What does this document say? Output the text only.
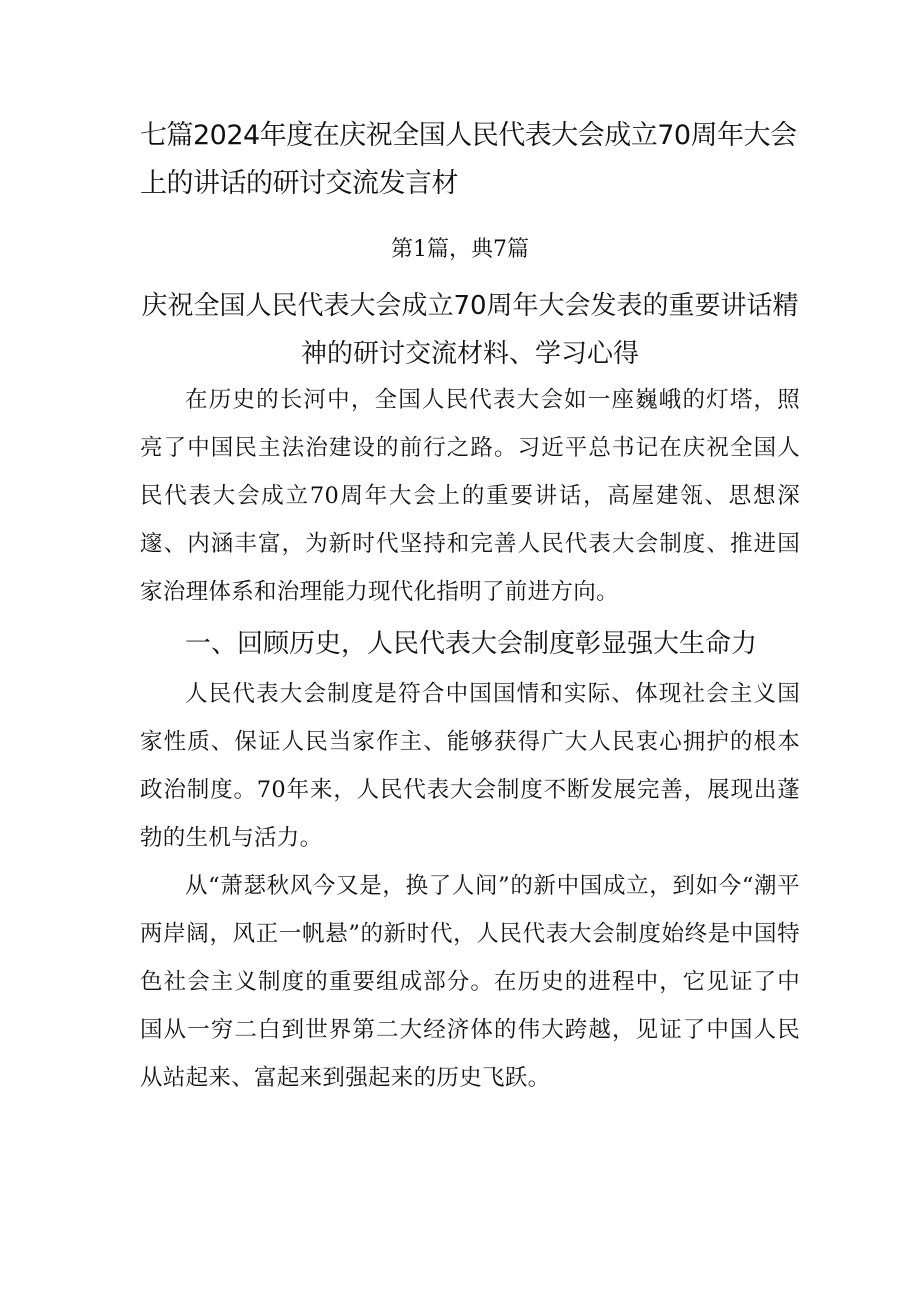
七篇2024年度在庆祝全国人民代表大会成立70周年大会上的讲话的研讨交流发言材

第1篇，典7篇

庆祝全国人民代表大会成立70周年大会发表的重要讲话精神的研讨交流材料、学习心得

在历史的长河中，全国人民代表大会如一座巍峨的灯塔，照亮了中国民主法治建设的前行之路。习近平总书记在庆祝全国人民代表大会成立70周年大会上的重要讲话，高屋建瓴、思想深邃、内涵丰富，为新时代坚持和完善人民代表大会制度、推进国家治理体系和治理能力现代化指明了前进方向。

一、回顾历史，人民代表大会制度彰显强大生命力

人民代表大会制度是符合中国国情和实际、体现社会主义国家性质、保证人民当家作主、能够获得广大人民衷心拥护的根本政治制度。70年来，人民代表大会制度不断发展完善，展现出蓬勃的生机与活力。

从“萧瑟秋风今又是，换了人间”的新中国成立，到如今“潮平两岸阔，风正一帆悬”的新时代，人民代表大会制度始终是中国特色社会主义制度的重要组成部分。在历史的进程中，它见证了中国从一穷二白到世界第二大经济体的伟大跨越，见证了中国人民从站起来、富起来到强起来的历史飞跃。
